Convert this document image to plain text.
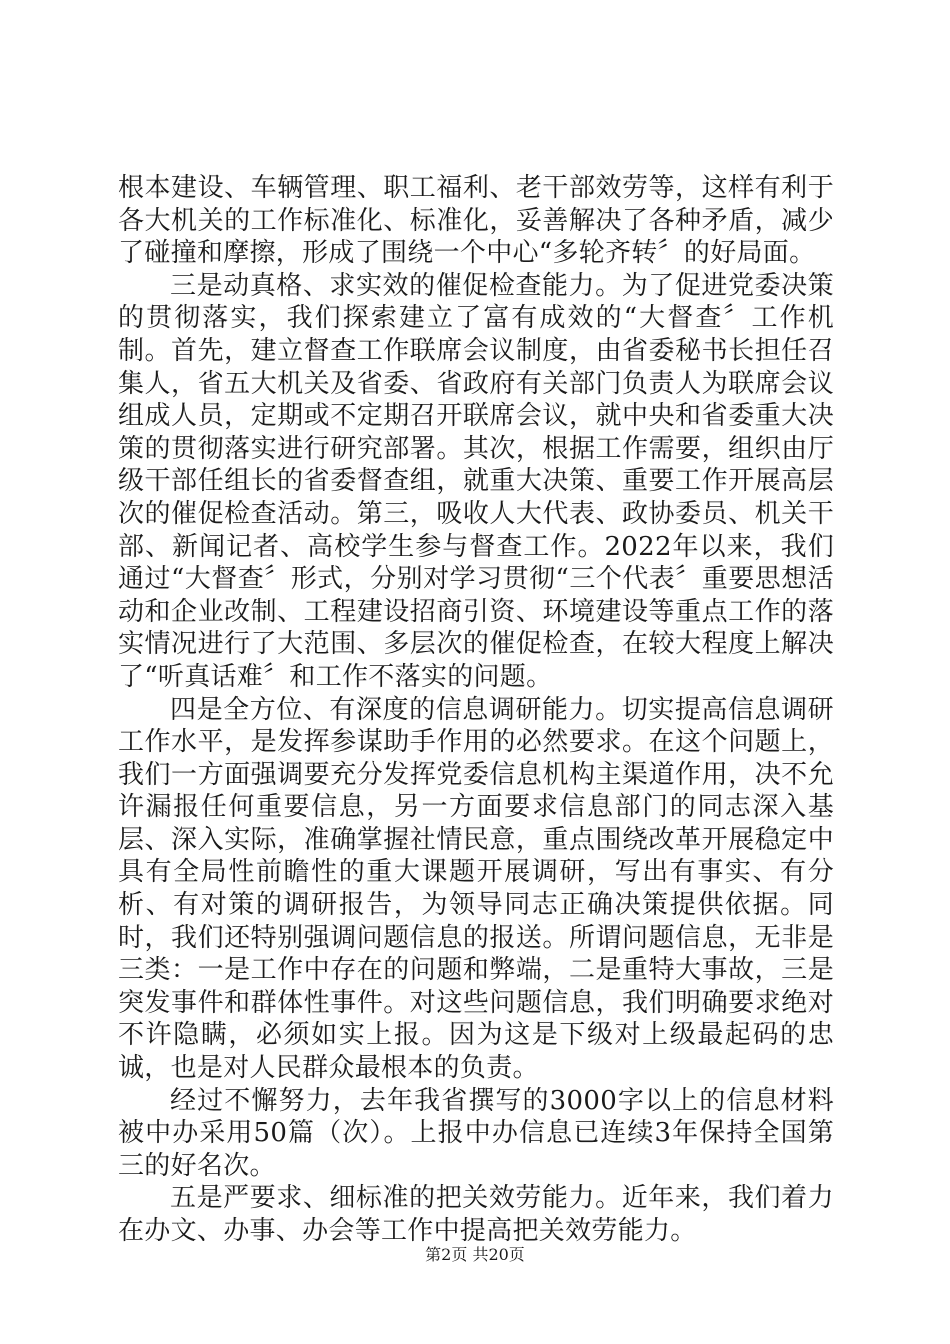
根本建设、车辆管理、职工福利、老干部效劳等，这样有利于各大机关的工作标准化、标准化，妥善解决了各种矛盾，减少了碰撞和摩擦，形成了围绕一个中心“多轮齐转〞的好局面。

三是动真格、求实效的催促检查能力。为了促进党委决策的贯彻落实，我们探索建立了富有成效的“大督查〞工作机制。首先，建立督查工作联席会议制度，由省委秘书长担任召集人，省五大机关及省委、省政府有关部门负责人为联席会议组成人员，定期或不定期召开联席会议，就中央和省委重大决策的贯彻落实进行研究部署。其次，根据工作需要，组织由厅级干部任组长的省委督查组，就重大决策、重要工作开展高层次的催促检查活动。第三，吸收人大代表、政协委员、机关干部、新闻记者、高校学生参与督查工作。2022年以来，我们通过“大督查〞形式，分别对学习贯彻“三个代表〞重要思想活动和企业改制、工程建设招商引资、环境建设等重点工作的落实情况进行了大范围、多层次的催促检查，在较大程度上解决了“听真话难〞和工作不落实的问题。

四是全方位、有深度的信息调研能力。切实提高信息调研工作水平，是发挥参谋助手作用的必然要求。在这个问题上，我们一方面强调要充分发挥党委信息机构主渠道作用，决不允许漏报任何重要信息，另一方面要求信息部门的同志深入基层、深入实际，准确掌握社情民意，重点围绕改革开展稳定中具有全局性前瞻性的重大课题开展调研，写出有事实、有分析、有对策的调研报告，为领导同志正确决策提供依据。同时，我们还特别强调问题信息的报送。所谓问题信息，无非是三类：一是工作中存在的问题和弊端，二是重特大事故，三是突发事件和群体性事件。对这些问题信息，我们明确要求绝对不许隐瞒，必须如实上报。因为这是下级对上级最起码的忠诚，也是对人民群众最根本的负责。

经过不懈努力，去年我省撰写的3000字以上的信息材料被中办采用50篇（次）。上报中办信息已连续3年保持全国第三的好名次。

五是严要求、细标准的把关效劳能力。近年来，我们着力在办文、办事、办会等工作中提高把关效劳能力。

第2页 共20页
